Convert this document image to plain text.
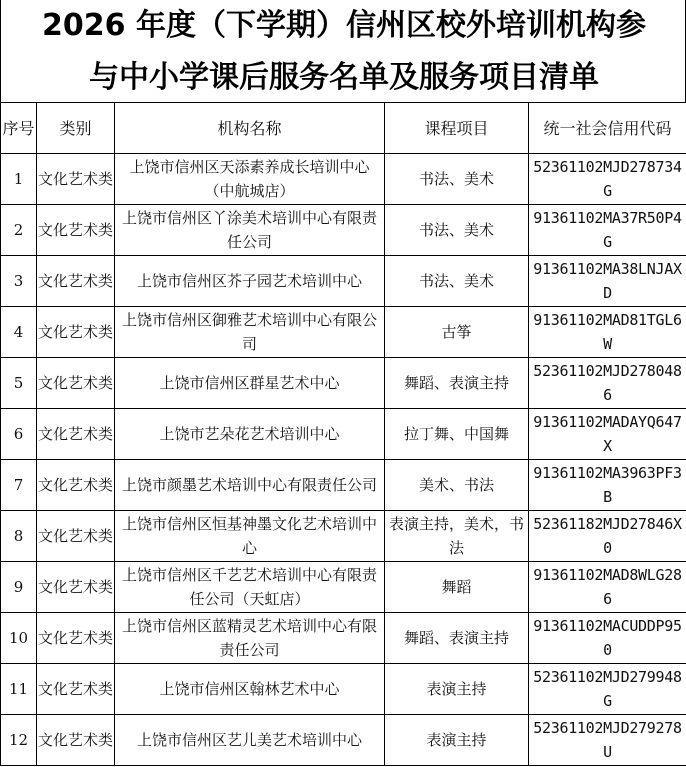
2026 年度（下学期）信州区校外培训机构参
与中小学课后服务名单及服务项目清单
序号	类别	机构名称	课程项目	统一社会信用代码
1	文化艺术类	上饶市信州区天添素养成长培训中心（中航城店）	书法、美术	52361102MJD278734G
2	文化艺术类	上饶市信州区丫涂美术培训中心有限责任公司	书法、美术	91361102MA37R50P4G
3	文化艺术类	上饶市信州区芥子园艺术培训中心	书法、美术	91361102MA38LNJAXD
4	文化艺术类	上饶市信州区御雅艺术培训中心有限公司	古筝	91361102MAD81TGL6W
5	文化艺术类	上饶市信州区群星艺术中心	舞蹈、表演主持	52361102MJD2780486
6	文化艺术类	上饶市艺朵花艺术培训中心	拉丁舞、中国舞	91361102MADAYQ647X
7	文化艺术类	上饶市颜墨艺术培训中心有限责任公司	美术、书法	91361102MA3963PF3B
8	文化艺术类	上饶市信州区恒基神墨文化艺术培训中心	表演主持，美术，书法	52361182MJD27846X0
9	文化艺术类	上饶市信州区千艺艺术培训中心有限责任公司（天虹店）	舞蹈	91361102MAD8WLG286
10	文化艺术类	上饶市信州区蓝精灵艺术培训中心有限责任公司	舞蹈、表演主持	91361102MACUDDP950
11	文化艺术类	上饶市信州区翰林艺术中心	表演主持	52361102MJD279948G
12	文化艺术类	上饶市信州区艺儿美艺术培训中心	表演主持	52361102MJD279278U
